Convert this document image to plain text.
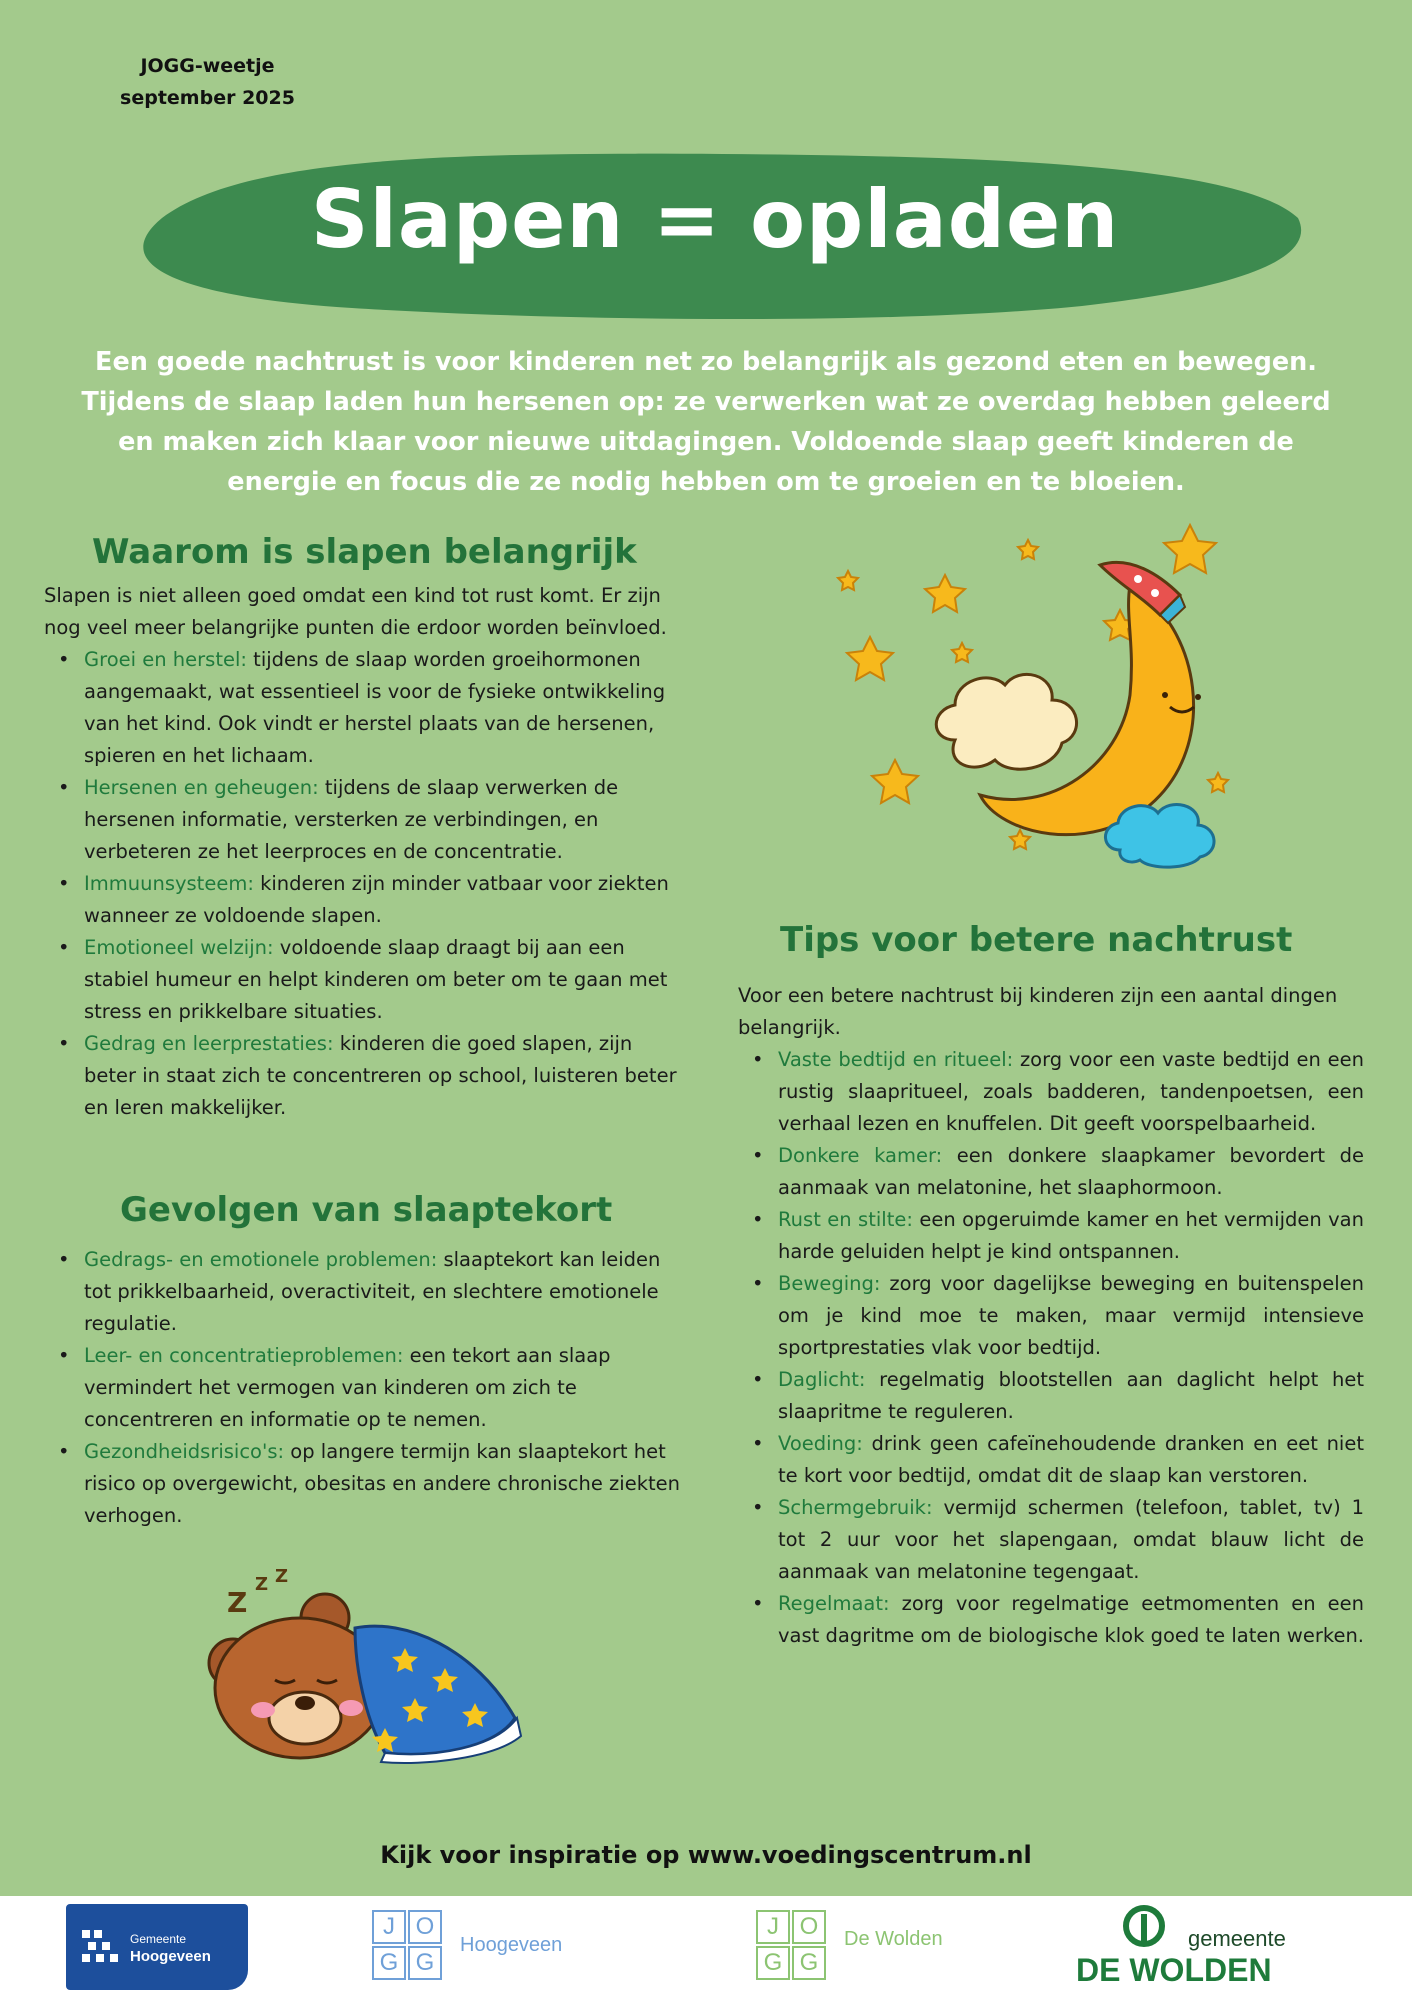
JOGG-weetje
september 2025
Slapen = opladen
Een goede nachtrust is voor kinderen net zo belangrijk als gezond eten en bewegen. Tijdens de slaap laden hun hersenen op: ze verwerken wat ze overdag hebben geleerd en maken zich klaar voor nieuwe uitdagingen. Voldoende slaap geeft kinderen de energie en focus die ze nodig hebben om te groeien en te bloeien.
Waarom is slapen belangrijk

Slapen is niet alleen goed omdat een kind tot rust komt. Er zijn nog veel meer belangrijke punten die erdoor worden beïnvloed.

• Groei en herstel: tijdens de slaap worden groeihormonen aangemaakt, wat essentieel is voor de fysieke ontwikkeling van het kind. Ook vindt er herstel plaats van de hersenen, spieren en het lichaam.
• Hersenen en geheugen: tijdens de slaap verwerken de hersenen informatie, versterken ze verbindingen, en verbeteren ze het leerproces en de concentratie.
• Immuunsysteem: kinderen zijn minder vatbaar voor ziekten wanneer ze voldoende slapen.
• Emotioneel welzijn: voldoende slaap draagt bij aan een stabiel humeur en helpt kinderen om beter om te gaan met stress en prikkelbare situaties.
• Gedrag en leerprestaties: kinderen die goed slapen, zijn beter in staat zich te concentreren op school, luisteren beter en leren makkelijker.
Gevolgen van slaaptekort
• Gedrags- en emotionele problemen: slaaptekort kan leiden tot prikkelbaarheid, overactiviteit, en slechtere emotionele regulatie.
• Leer- en concentratieproblemen: een tekort aan slaap vermindert het vermogen van kinderen om zich te concentreren en informatie op te nemen.
• Gezondheidsrisico's: op langere termijn kan slaaptekort het risico op overgewicht, obesitas en andere chronische ziekten verhogen.
Tips voor betere nachtrust

Voor een betere nachtrust bij kinderen zijn een aantal dingen belangrijk.

• Vaste bedtijd en ritueel: zorg voor een vaste bedtijd en een rustig slaapritueel, zoals badderen, tandenpoetsen, een verhaal lezen en knuffelen. Dit geeft voorspelbaarheid.
• Donkere kamer: een donkere slaapkamer bevordert de aanmaak van melatonine, het slaaphormoon.
• Rust en stilte: een opgeruimde kamer en het vermijden van harde geluiden helpt je kind ontspannen.
• Beweging: zorg voor dagelijkse beweging en buitenspelen om je kind moe te maken, maar vermijd intensieve sportprestaties vlak voor bedtijd.
• Daglicht: regelmatig blootstellen aan daglicht helpt het slaapritme te reguleren.
• Voeding: drink geen cafeïnehoudende dranken en eet niet te kort voor bedtijd, omdat dit de slaap kan verstoren.
• Schermgebruik: vermijd schermen (telefoon, tablet, tv) 1 tot 2 uur voor het slapengaan, omdat blauw licht de aanmaak van melatonine tegengaat.
• Regelmaat: zorg voor regelmatige eetmomenten en een vast dagritme om de biologische klok goed te laten werken.
Z
Z Z
Kijk voor inspiratie op www.voedingscentrum.nl
Gemeente
Hoogeveen
J O
G G
Hoogeveen
J O
G G
De Wolden	gemeente
DE WOLDEN
